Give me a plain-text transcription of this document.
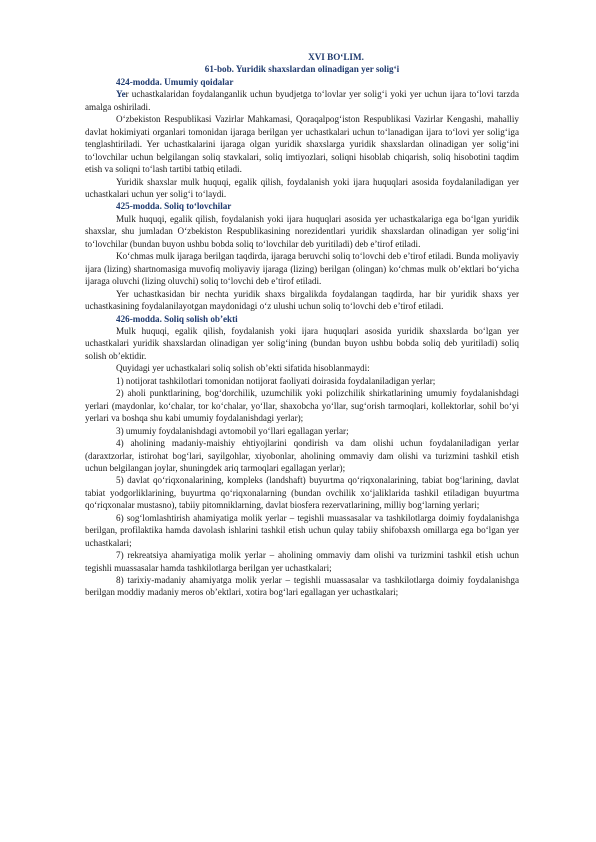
XVI BO‘LIM.
61-bob. Yuridik shaxslardan olinadigan yer solig‘i
424-modda. Umumiy qoidalar

Yer uchastkalaridan foydalanganlik uchun byudjetga to‘lovlar yer solig‘i yoki yer uchun ijara to‘lovi tarzda amalga oshiriladi.

O‘zbekiston Respublikasi Vazirlar Mahkamasi, Qoraqalpog‘iston Respublikasi Vazirlar Kengashi, mahalliy davlat hokimiyati organlari tomonidan ijaraga berilgan yer uchastkalari uchun to‘lanadigan ijara to‘lovi yer solig‘iga tenglashtiriladi. Yer uchastkalarini ijaraga olgan yuridik shaxslarga yuridik shaxslardan olinadigan yer solig‘ini to‘lovchilar uchun belgilangan soliq stavkalari, soliq imtiyozlari, soliqni hisoblab chiqarish, soliq hisobotini taqdim etish va soliqni to‘lash tartibi tatbiq etiladi.

Yuridik shaxslar mulk huquqi, egalik qilish, foydalanish yoki ijara huquqlari asosida foydalaniladigan yer uchastkalari uchun yer solig‘i to‘laydi.

425-modda. Soliq to‘lovchilar

Mulk huquqi, egalik qilish, foydalanish yoki ijara huquqlari asosida yer uchastkalariga ega bo‘lgan yuridik shaxslar, shu jumladan O‘zbekiston Respublikasining norezidentlari yuridik shaxslardan olinadigan yer solig‘ini to‘lovchilar (bundan buyon ushbu bobda soliq to‘lovchilar deb yuritiladi) deb e’tirof etiladi.

Ko‘chmas mulk ijaraga berilgan taqdirda, ijaraga beruvchi soliq to‘lovchi deb e’tirof etiladi. Bunda moliyaviy ijara (lizing) shartnomasiga muvofiq moliyaviy ijaraga (lizing) berilgan (olingan) ko‘chmas mulk ob’ektlari bo‘yicha ijaraga oluvchi (lizing oluvchi) soliq to‘lovchi deb e’tirof etiladi.

Yer uchastkasidan bir nechta yuridik shaxs birgalikda foydalangan taqdirda, har bir yuridik shaxs yer uchastkasining foydalanilayotgan maydonidagi o‘z ulushi uchun soliq to‘lovchi deb e’tirof etiladi.

426-modda. Soliq solish ob’ekti

Mulk huquqi, egalik qilish, foydalanish yoki ijara huquqlari asosida yuridik shaxslarda bo‘lgan yer uchastkalari yuridik shaxslardan olinadigan yer solig‘ining (bundan buyon ushbu bobda soliq deb yuritiladi) soliq solish ob’ektidir.

Quyidagi yer uchastkalari soliq solish ob’ekti sifatida hisoblanmaydi:

1) notijorat tashkilotlari tomonidan notijorat faoliyati doirasida foydalaniladigan yerlar;

2) aholi punktlarining, bog‘dorchilik, uzumchilik yoki polizchilik shirkatlarining umumiy foydalanishdagi yerlari (maydonlar, ko‘chalar, tor ko‘chalar, yo‘llar, shaxobcha yo‘llar, sug‘orish tarmoqlari, kollektorlar, sohil bo‘yi yerlari va boshqa shu kabi umumiy foydalanishdagi yerlar);

3) umumiy foydalanishdagi avtomobil yo‘llari egallagan yerlar;

4) aholining madaniy-maishiy ehtiyojlarini qondirish va dam olishi uchun foydalaniladigan yerlar (daraxtzorlar, istirohat bog‘lari, sayilgohlar, xiyobonlar, aholining ommaviy dam olishi va turizmini tashkil etish uchun belgilangan joylar, shuningdek ariq tarmoqlari egallagan yerlar);

5) davlat qo‘riqxonalarining, kompleks (landshaft) buyurtma qo‘riqxonalarining, tabiat bog‘larining, davlat tabiat yodgorliklarining, buyurtma qo‘riqxonalarning (bundan ovchilik xo‘jaliklarida tashkil etiladigan buyurtma qo‘riqxonalar mustasno), tabiiy pitomniklarning, davlat biosfera rezervatlarining, milliy bog‘larning yerlari;

6) sog‘lomlashtirish ahamiyatiga molik yerlar – tegishli muassasalar va tashkilotlarga doimiy foydalanishga berilgan, profilaktika hamda davolash ishlarini tashkil etish uchun qulay tabiiy shifobaxsh omillarga ega bo‘lgan yer uchastkalari;

7) rekreatsiya ahamiyatiga molik yerlar – aholining ommaviy dam olishi va turizmini tashkil etish uchun tegishli muassasalar hamda tashkilotlarga berilgan yer uchastkalari;

8) tarixiy-madaniy ahamiyatga molik yerlar – tegishli muassasalar va tashkilotlarga doimiy foydalanishga berilgan moddiy madaniy meros ob’ektlari, xotira bog‘lari egallagan yer uchastkalari;
